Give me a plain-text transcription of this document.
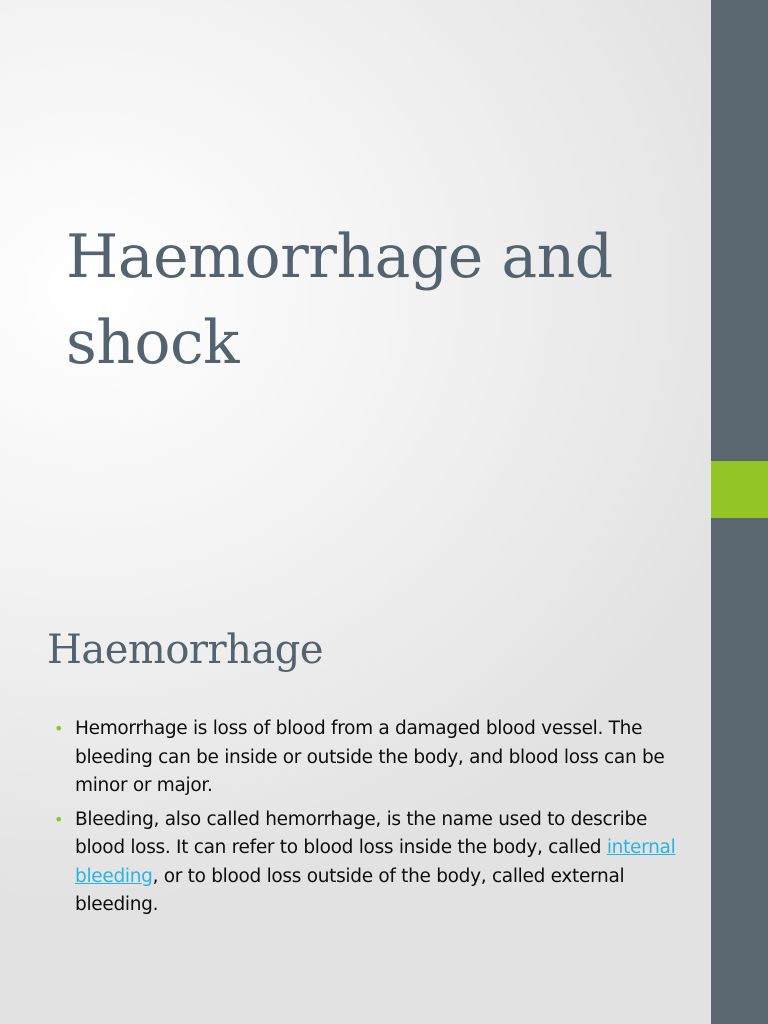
Haemorrhage and shock
Haemorrhage
• Hemorrhage is loss of blood from a damaged blood vessel. The bleeding can be inside or outside the body, and blood loss can be minor or major.
• Bleeding, also called hemorrhage, is the name used to describe blood loss. It can refer to blood loss inside the body, called internal bleeding, or to blood loss outside of the body, called external bleeding.
